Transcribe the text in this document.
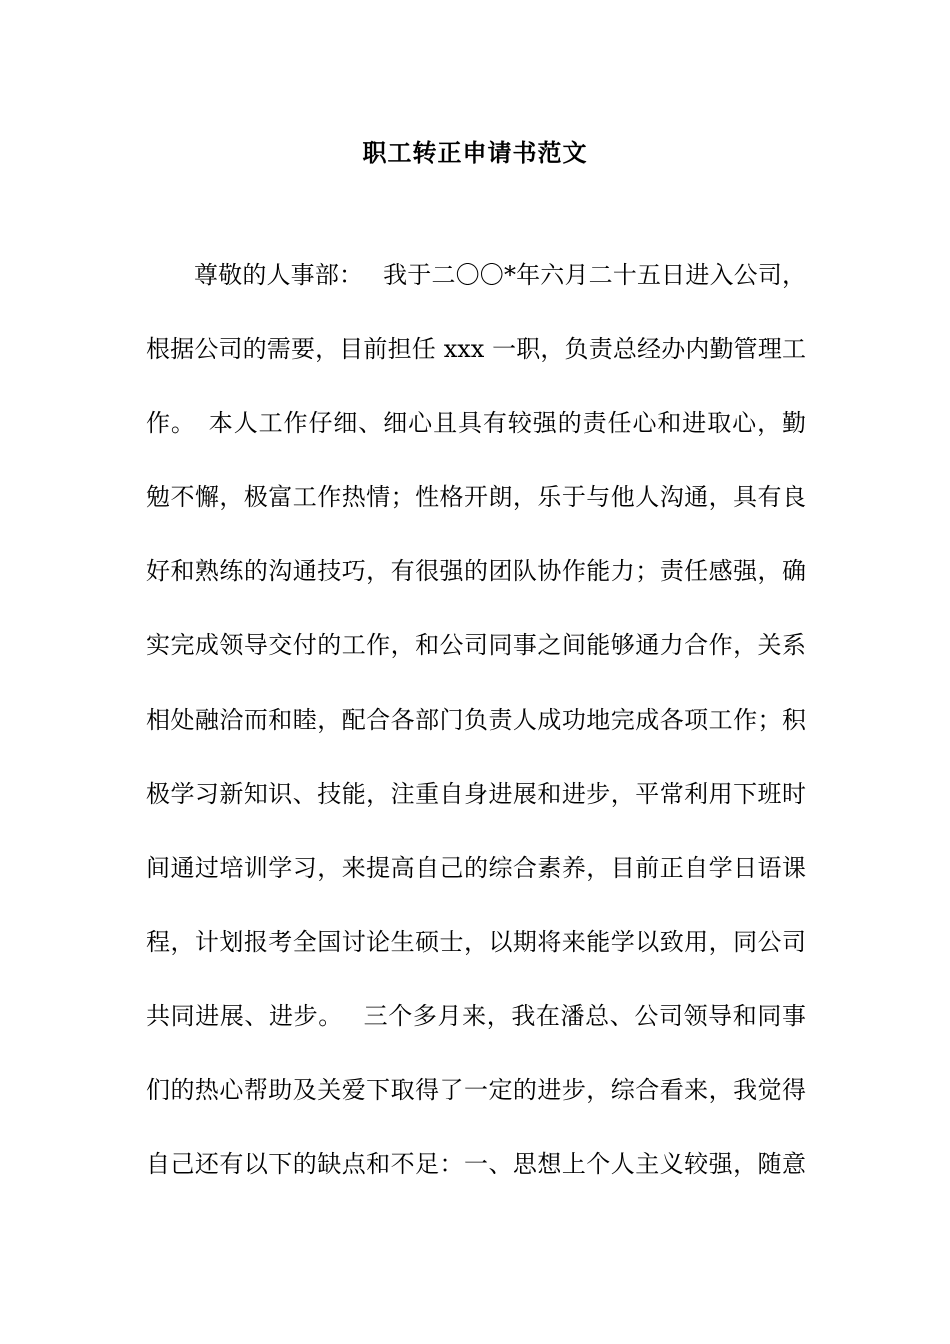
职工转正申请书范文
尊敬的人事部：　 我于二〇〇*年六月二十五日进入公司，
根据公司的需要，目前担任 xxx 一职，负责总经办内勤管理工
作。　本人工作仔细、细心且具有较强的责任心和进取心，勤
勉不懈，极富工作热情；性格开朗，乐于与他人沟通，具有良
好和熟练的沟通技巧，有很强的团队协作能力；责任感强，确
实完成领导交付的工作，和公司同事之间能够通力合作，关系
相处融洽而和睦，配合各部门负责人成功地完成各项工作；积
极学习新知识、技能，注重自身进展和进步，平常利用下班时
间通过培训学习，来提高自己的综合素养，目前正自学日语课
程，计划报考全国讨论生硕士，以期将来能学以致用，同公司
共同进展、进步。　 三个多月来，我在潘总、公司领导和同事
们的热心帮助及关爱下取得了一定的进步，综合看来，我觉得
自己还有以下的缺点和不足：一、思想上个人主义较强，随意
